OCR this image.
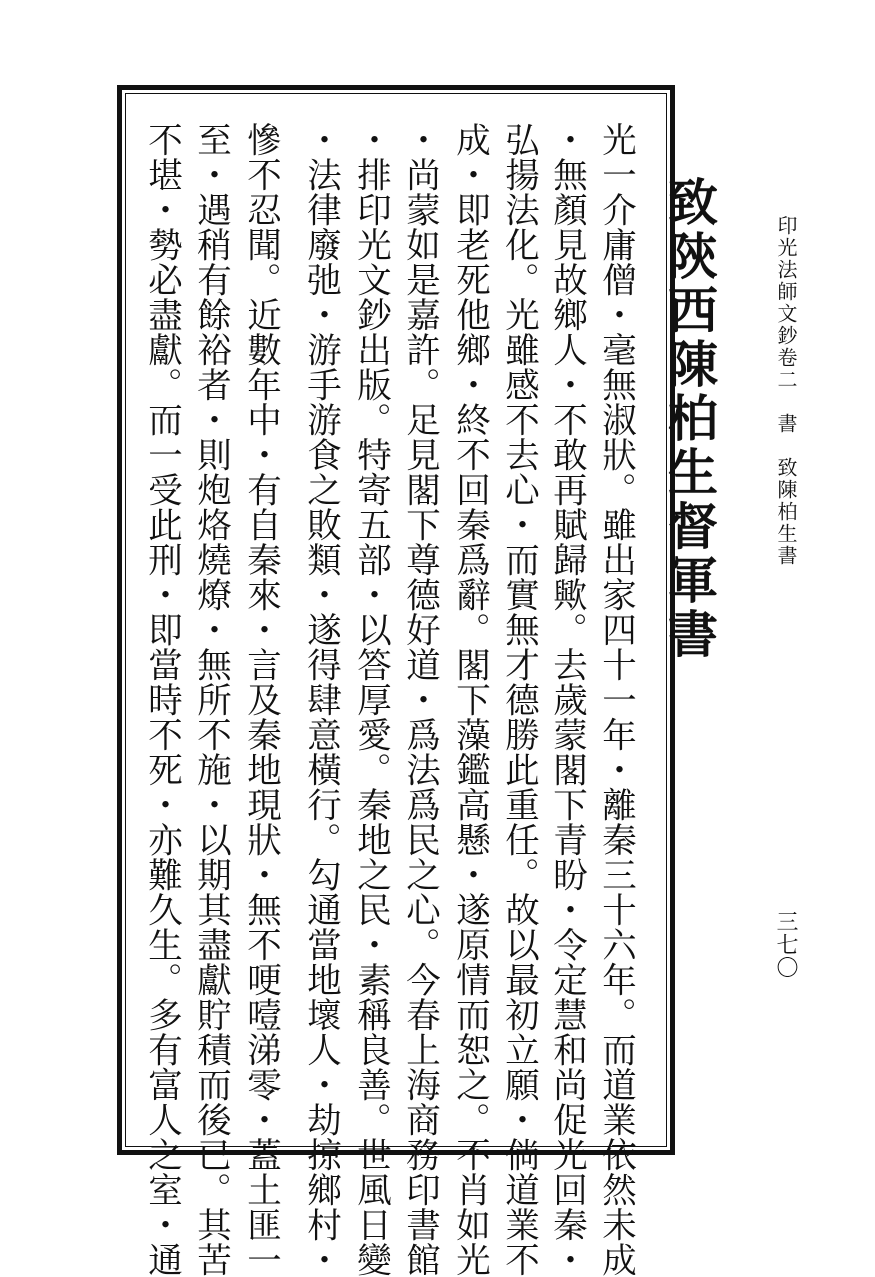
印光法師文鈔卷二　書　致陳柏生書
三七〇
致陝西陳柏生督軍書
光一介庸僧・毫無淑狀。雖出家四十一年・離秦三十六年。而道業依然未成
・無顏見故鄉人・不敢再賦歸歟。去歲蒙閣下青盼・令定慧和尚促光回秦・
弘揚法化。光雖感不去心・而實無才德勝此重任。故以最初立願・倘道業不
成・即老死他鄉・終不回秦爲辭。閣下藻鑑高懸・遂原情而恕之。不肖如光
・尚蒙如是嘉許。足見閣下尊德好道・爲法爲民之心。今春上海商務印書館
・排印光文鈔出版。特寄五部・以答厚愛。秦地之民・素稱良善。世風日變
・法律廢弛・游手游食之敗類・遂得肆意橫行。勾通當地壞人・劫掠鄉村・
慘不忍聞。近數年中・有自秦來・言及秦地現狀・無不哽噎涕零・蓋土匪一
至・遇稍有餘裕者・則炮烙燒燎・無所不施・以期其盡獻貯積而後已。其苦
不堪・勢必盡獻。而一受此刑・即當時不死・亦難久生。多有富人之室・通
